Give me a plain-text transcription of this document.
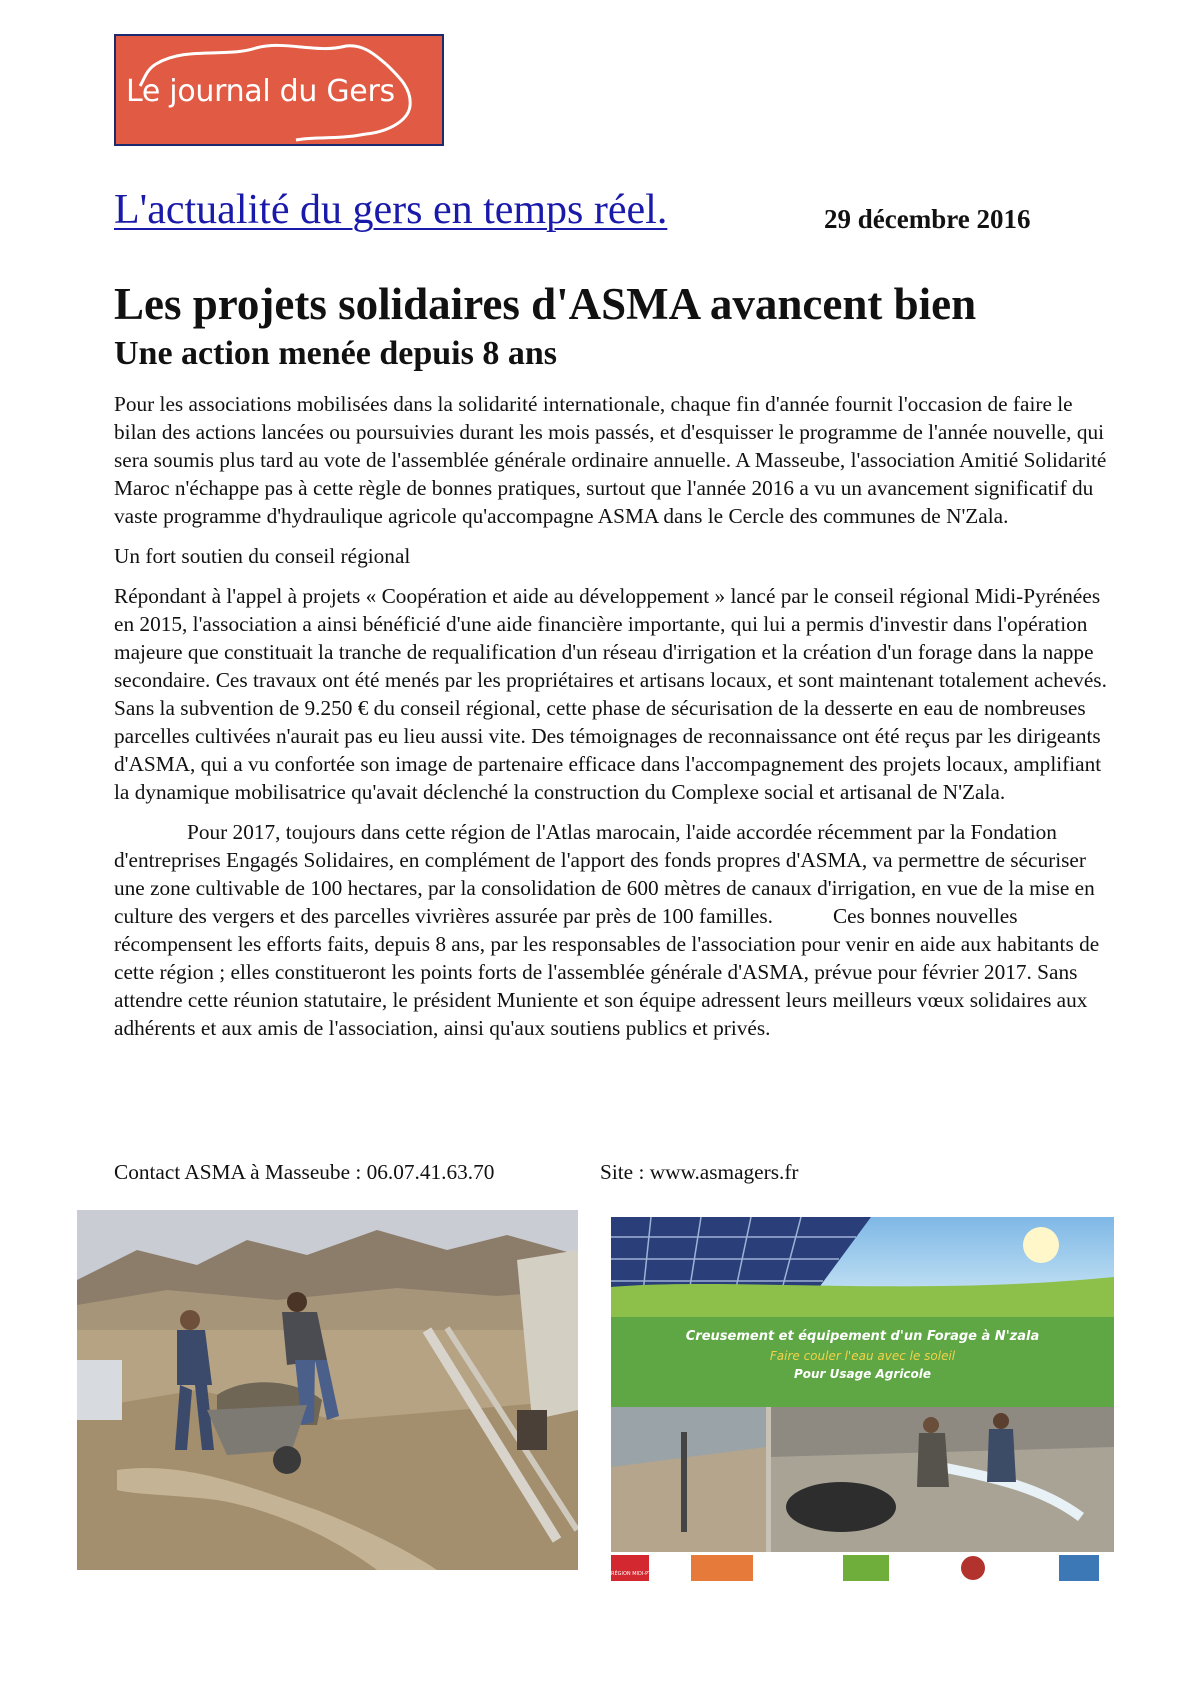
Le journal du Gers
L'actualité du gers en temps réel.	29 décembre 2016
Les projets solidaires d'ASMA avancent bien
Une action menée depuis 8 ans

Pour les associations mobilisées dans la solidarité internationale, chaque fin d'année fournit l'occasion de faire le bilan des actions lancées ou poursuivies durant les mois passés, et d'esquisser le programme de l'année nouvelle, qui sera soumis plus tard au vote de l'assemblée générale ordinaire annuelle. A Masseube, l'association Amitié Solidarité Maroc n'échappe pas à cette règle de bonnes pratiques, surtout que l'année 2016 a vu un avancement significatif du vaste programme d'hydraulique agricole qu'accompagne ASMA dans le Cercle des communes de N'Zala.

Un fort soutien du conseil régional

Répondant à l'appel à projets « Coopération et aide au développement » lancé par le conseil régional Midi-Pyrénées en 2015, l'association a ainsi bénéficié d'une aide financière importante, qui lui a permis d'investir dans l'opération majeure que constituait la tranche de requalification d'un réseau d'irrigation et la création d'un forage dans la nappe secondaire. Ces travaux ont été menés par les propriétaires et artisans locaux, et sont maintenant totalement achevés. Sans la subvention de 9.250 € du conseil régional, cette phase de sécurisation de la desserte en eau de nombreuses parcelles cultivées n'aurait pas eu lieu aussi vite. Des témoignages de reconnaissance ont été reçus par les dirigeants d'ASMA, qui a vu confortée son image de partenaire efficace dans l'accompagnement des projets locaux, amplifiant la dynamique mobilisatrice qu'avait déclenché la construction du Complexe social et artisanal de N'Zala.

Pour 2017, toujours dans cette région de l'Atlas marocain, l'aide accordée récemment par la Fondation d'entreprises Engagés Solidaires, en complément de l'apport des fonds propres d'ASMA, va permettre de sécuriser une zone cultivable de 100 hectares, par la consolidation de 600 mètres de canaux d'irrigation, en vue de la mise en culture des vergers et des parcelles vivrières assurée par près de 100 familles.	Ces bonnes nouvelles récompensent les efforts faits, depuis 8 ans, par les responsables de l'association pour venir en aide aux habitants de cette région ; elles constitueront les points forts de l'assemblée générale d'ASMA, prévue pour février 2017. Sans attendre cette réunion statutaire, le président Muniente et son équipe adressent leurs meilleurs vœux solidaires aux adhérents et aux amis de l'association, ainsi qu'aux soutiens publics et privés.

Contact ASMA à Masseube : 06.07.41.63.70	Site : www.asmagers.fr
Creusement et équipement d'un Forage à N'zala
Faire couler l'eau avec le soleil
Pour Usage Agricole
RÉGION MIDI-PYRÉNÉES
